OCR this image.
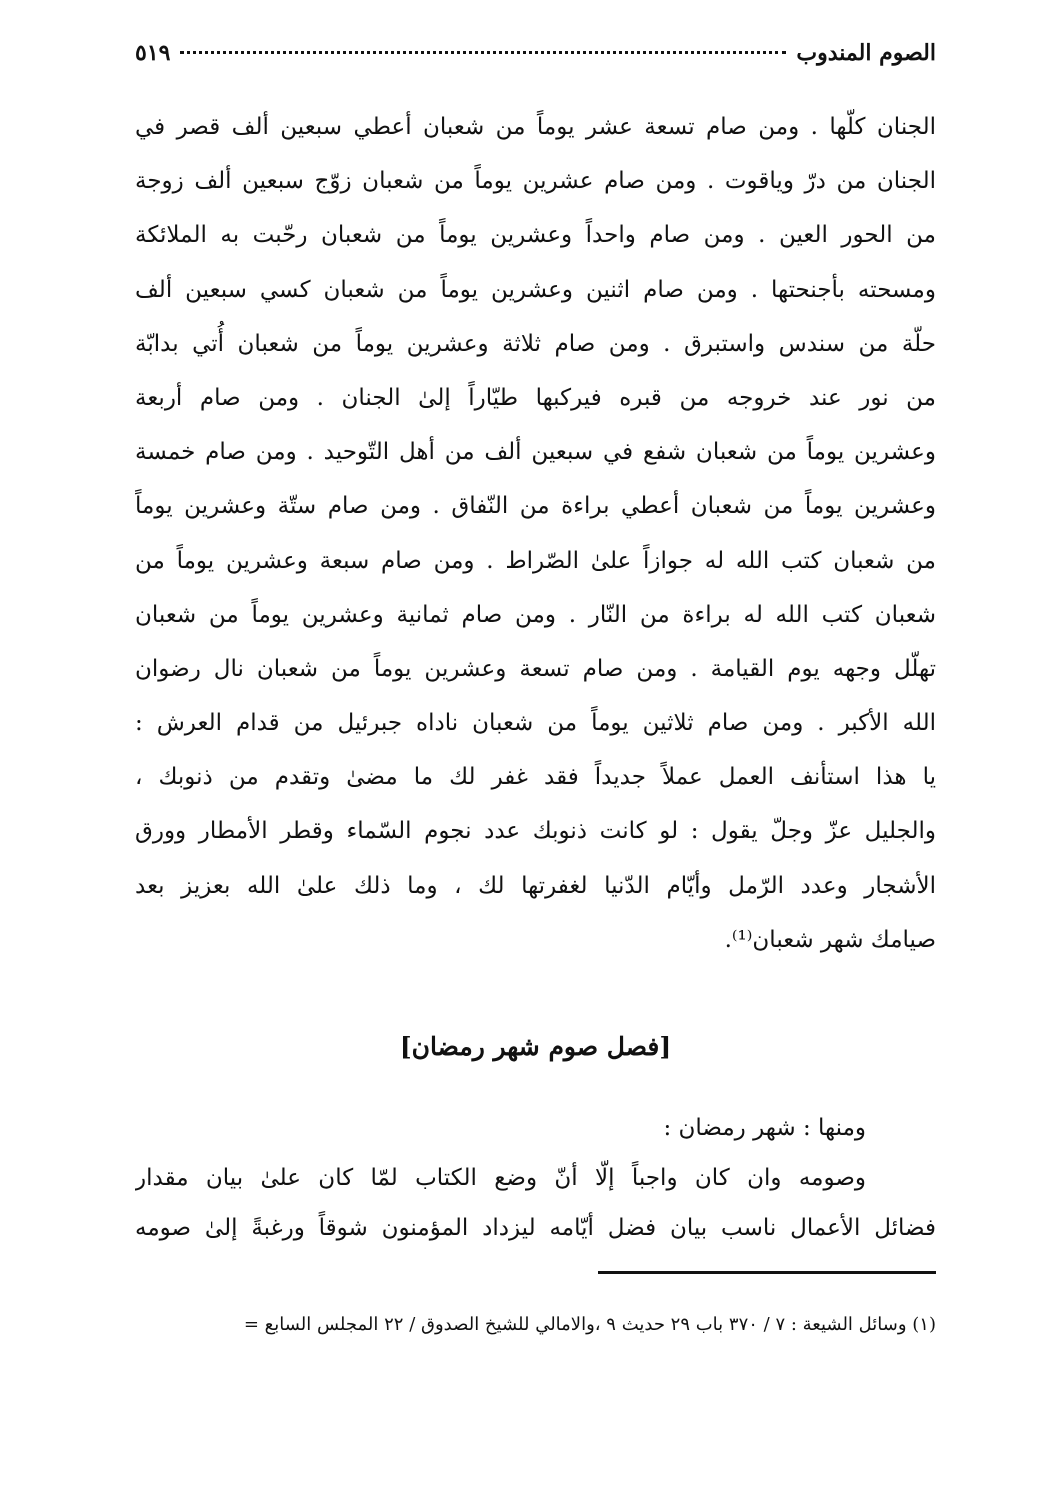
الصوم المندوب
٥١٩
الجنان كلّها . ومن صام تسعة عشر يوماً من شعبان أعطي سبعين ألف قصر في
الجنان من درّ وياقوت . ومن صام عشرين يوماً من شعبان زوّج سبعين ألف زوجة
من الحور العين . ومن صام واحداً وعشرين يوماً من شعبان رحّبت به الملائكة
ومسحته بأجنحتها . ومن صام اثنين وعشرين يوماً من شعبان كسي سبعين ألف
حلّة من سندس واستبرق . ومن صام ثلاثة وعشرين يوماً من شعبان أُتي بدابّة
من نور عند خروجه من قبره فيركبها طيّاراً إلىٰ الجنان . ومن صام أربعة
وعشرين يوماً من شعبان شفع في سبعين ألف من أهل التّوحيد . ومن صام خمسة
وعشرين يوماً من شعبان أعطي براءة من النّفاق . ومن صام ستّة وعشرين يوماً
من شعبان كتب الله له جوازاً علىٰ الصّراط . ومن صام سبعة وعشرين يوماً من
شعبان كتب الله له براءة من النّار . ومن صام ثمانية وعشرين يوماً من شعبان
تهلّل وجهه يوم القيامة . ومن صام تسعة وعشرين يوماً من شعبان نال رضوان
الله الأكبر . ومن صام ثلاثين يوماً من شعبان ناداه جبرئيل من قدام العرش :
يا هذا استأنف العمل عملاً جديداً فقد غفر لك ما مضىٰ وتقدم من ذنوبك ،
والجليل عزّ وجلّ يقول : لو كانت ذنوبك عدد نجوم السّماء وقطر الأمطار وورق
الأشجار وعدد الرّمل وأيّام الدّنيا لغفرتها لك ، وما ذلك علىٰ الله بعزيز بعد
صيامك شهر شعبان⁽¹⁾.
[فصل صوم شهر رمضان]
ومنها : شهر رمضان :
وصومه وان كان واجباً إلّا أنّ وضع الكتاب لمّا كان علىٰ بيان مقدار
فضائل الأعمال ناسب بيان فضل أيّامه ليزداد المؤمنون شوقاً ورغبةً إلىٰ صومه
(١) وسائل الشيعة : ٧ / ٣٧٠ باب ٢٩ حديث ٩ ،والامالي للشيخ الصدوق / ٢٢ المجلس السابع =
